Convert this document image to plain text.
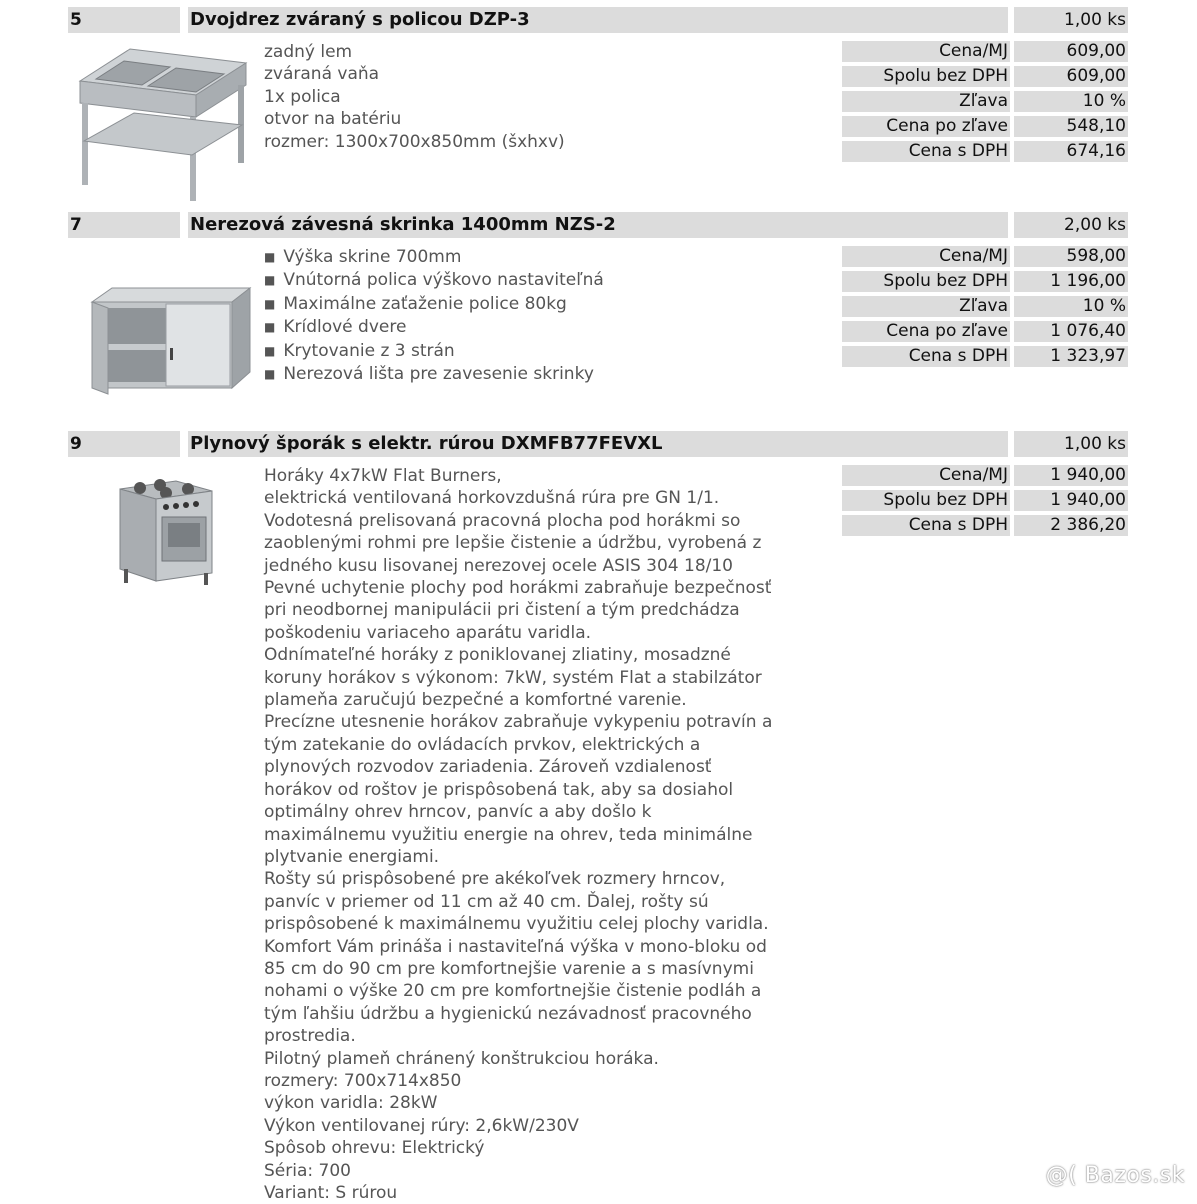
5	Dvojdrez zváraný s policou DZP-3	1,00 ks
zadný lem
zváraná vaňa
1x polica
otvor na batériu
rozmer: 1300x700x850mm (šxhxv)
Cena/MJ	609,00
Spolu bez DPH	609,00
Zľava	10 %
Cena po zľave	548,10
Cena s DPH	674,16
7	Nerezová závesná skrinka 1400mm NZS-2	2,00 ks
■ Výška skrine 700mm
■ Vnútorná polica výškovo nastaviteľná
■ Maximálne zaťaženie police 80kg
■ Krídlové dvere
■ Krytovanie z 3 strán
■ Nerezová lišta pre zavesenie skrinky
Cena/MJ	598,00
Spolu bez DPH	1 196,00
Zľava	10 %
Cena po zľave	1 076,40
Cena s DPH	1 323,97
9	Plynový šporák s elektr. rúrou DXMFB77FEVXL	1,00 ks
Horáky 4x7kW Flat Burners,
elektrická ventilovaná horkovzdušná rúra pre GN 1/1.
Vodotesná prelisovaná pracovná plocha pod horákmi so
zaoblenými rohmi pre lepšie čistenie a údržbu, vyrobená z
jedného kusu lisovanej nerezovej ocele ASIS 304 18/10
Pevné uchytenie plochy pod horákmi zabraňuje bezpečnosť
pri neodbornej manipulácii pri čistení a tým predchádza
poškodeniu variaceho aparátu varidla.
Odnímateľné horáky z poniklovanej zliatiny, mosadzné
koruny horákov s výkonom: 7kW, systém Flat a stabilzátor
plameňa zaručujú bezpečné a komfortné varenie.
Precízne utesnenie horákov zabraňuje vykypeniu potravín a
tým zatekanie do ovládacích prvkov, elektrických a
plynových rozvodov zariadenia. Zároveň vzdialenosť
horákov od roštov je prispôsobená tak, aby sa dosiahol
optimálny ohrev hrncov, panvíc a aby došlo k
maximálnemu využitiu energie na ohrev, teda minimálne
plytvanie energiami.
Rošty sú prispôsobené pre akékoľvek rozmery hrncov,
panvíc v priemer od 11 cm až 40 cm. Ďalej, rošty sú
prispôsobené k maximálnemu využitiu celej plochy varidla.
Komfort Vám prináša i nastaviteľná výška v mono-bloku od
85 cm do 90 cm pre komfortnejšie varenie a s masívnymi
nohami o výške 20 cm pre komfortnejšie čistenie podláh a
tým ľahšiu údržbu a hygienickú nezávadnosť pracovného
prostredia.
Pilotný plameň chránený konštrukciou horáka.
rozmery: 700x714x850
výkon varidla: 28kW
Výkon ventilovanej rúry: 2,6kW/230V
Spôsob ohrevu: Elektrický
Séria: 700
Variant: S rúrou
Cena/MJ	1 940,00
Spolu bez DPH	1 940,00
Cena s DPH	2 386,20
@( Bazos.sk
